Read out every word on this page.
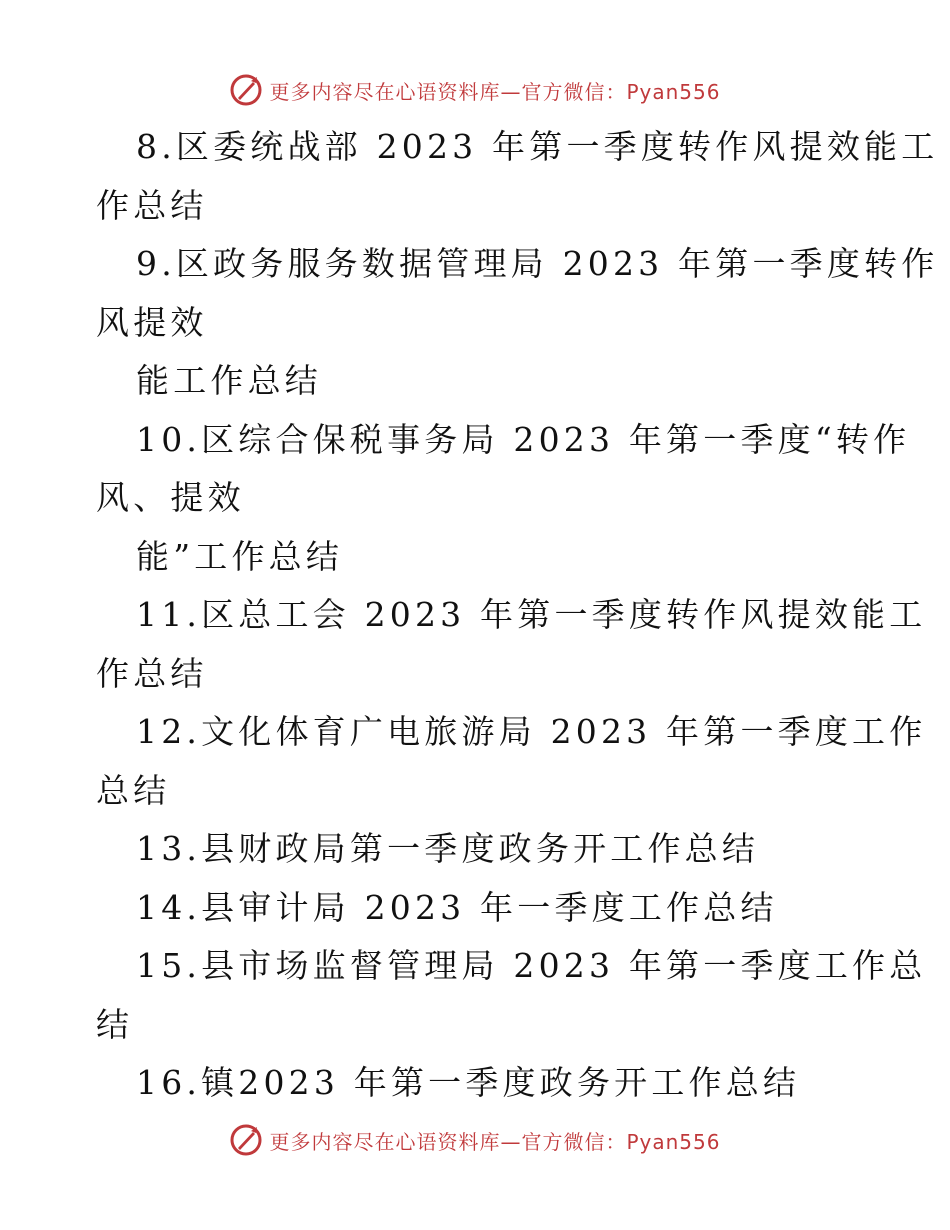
更多内容尽在心语资料库—官方微信：Pyan556
8.区委统战部 2023 年第一季度转作风提效能工
作总结
9.区政务服务数据管理局 2023 年第一季度转作
风提效
能工作总结
10.区综合保税事务局 2023 年第一季度“转作
风、提效
能”工作总结
11.区总工会 2023 年第一季度转作风提效能工
作总结
12.文化体育广电旅游局 2023 年第一季度工作
总结
13.县财政局第一季度政务开工作总结
14.县审计局 2023 年一季度工作总结
15.县市场监督管理局 2023 年第一季度工作总
结
16.镇2023 年第一季度政务开工作总结
更多内容尽在心语资料库—官方微信：Pyan556
